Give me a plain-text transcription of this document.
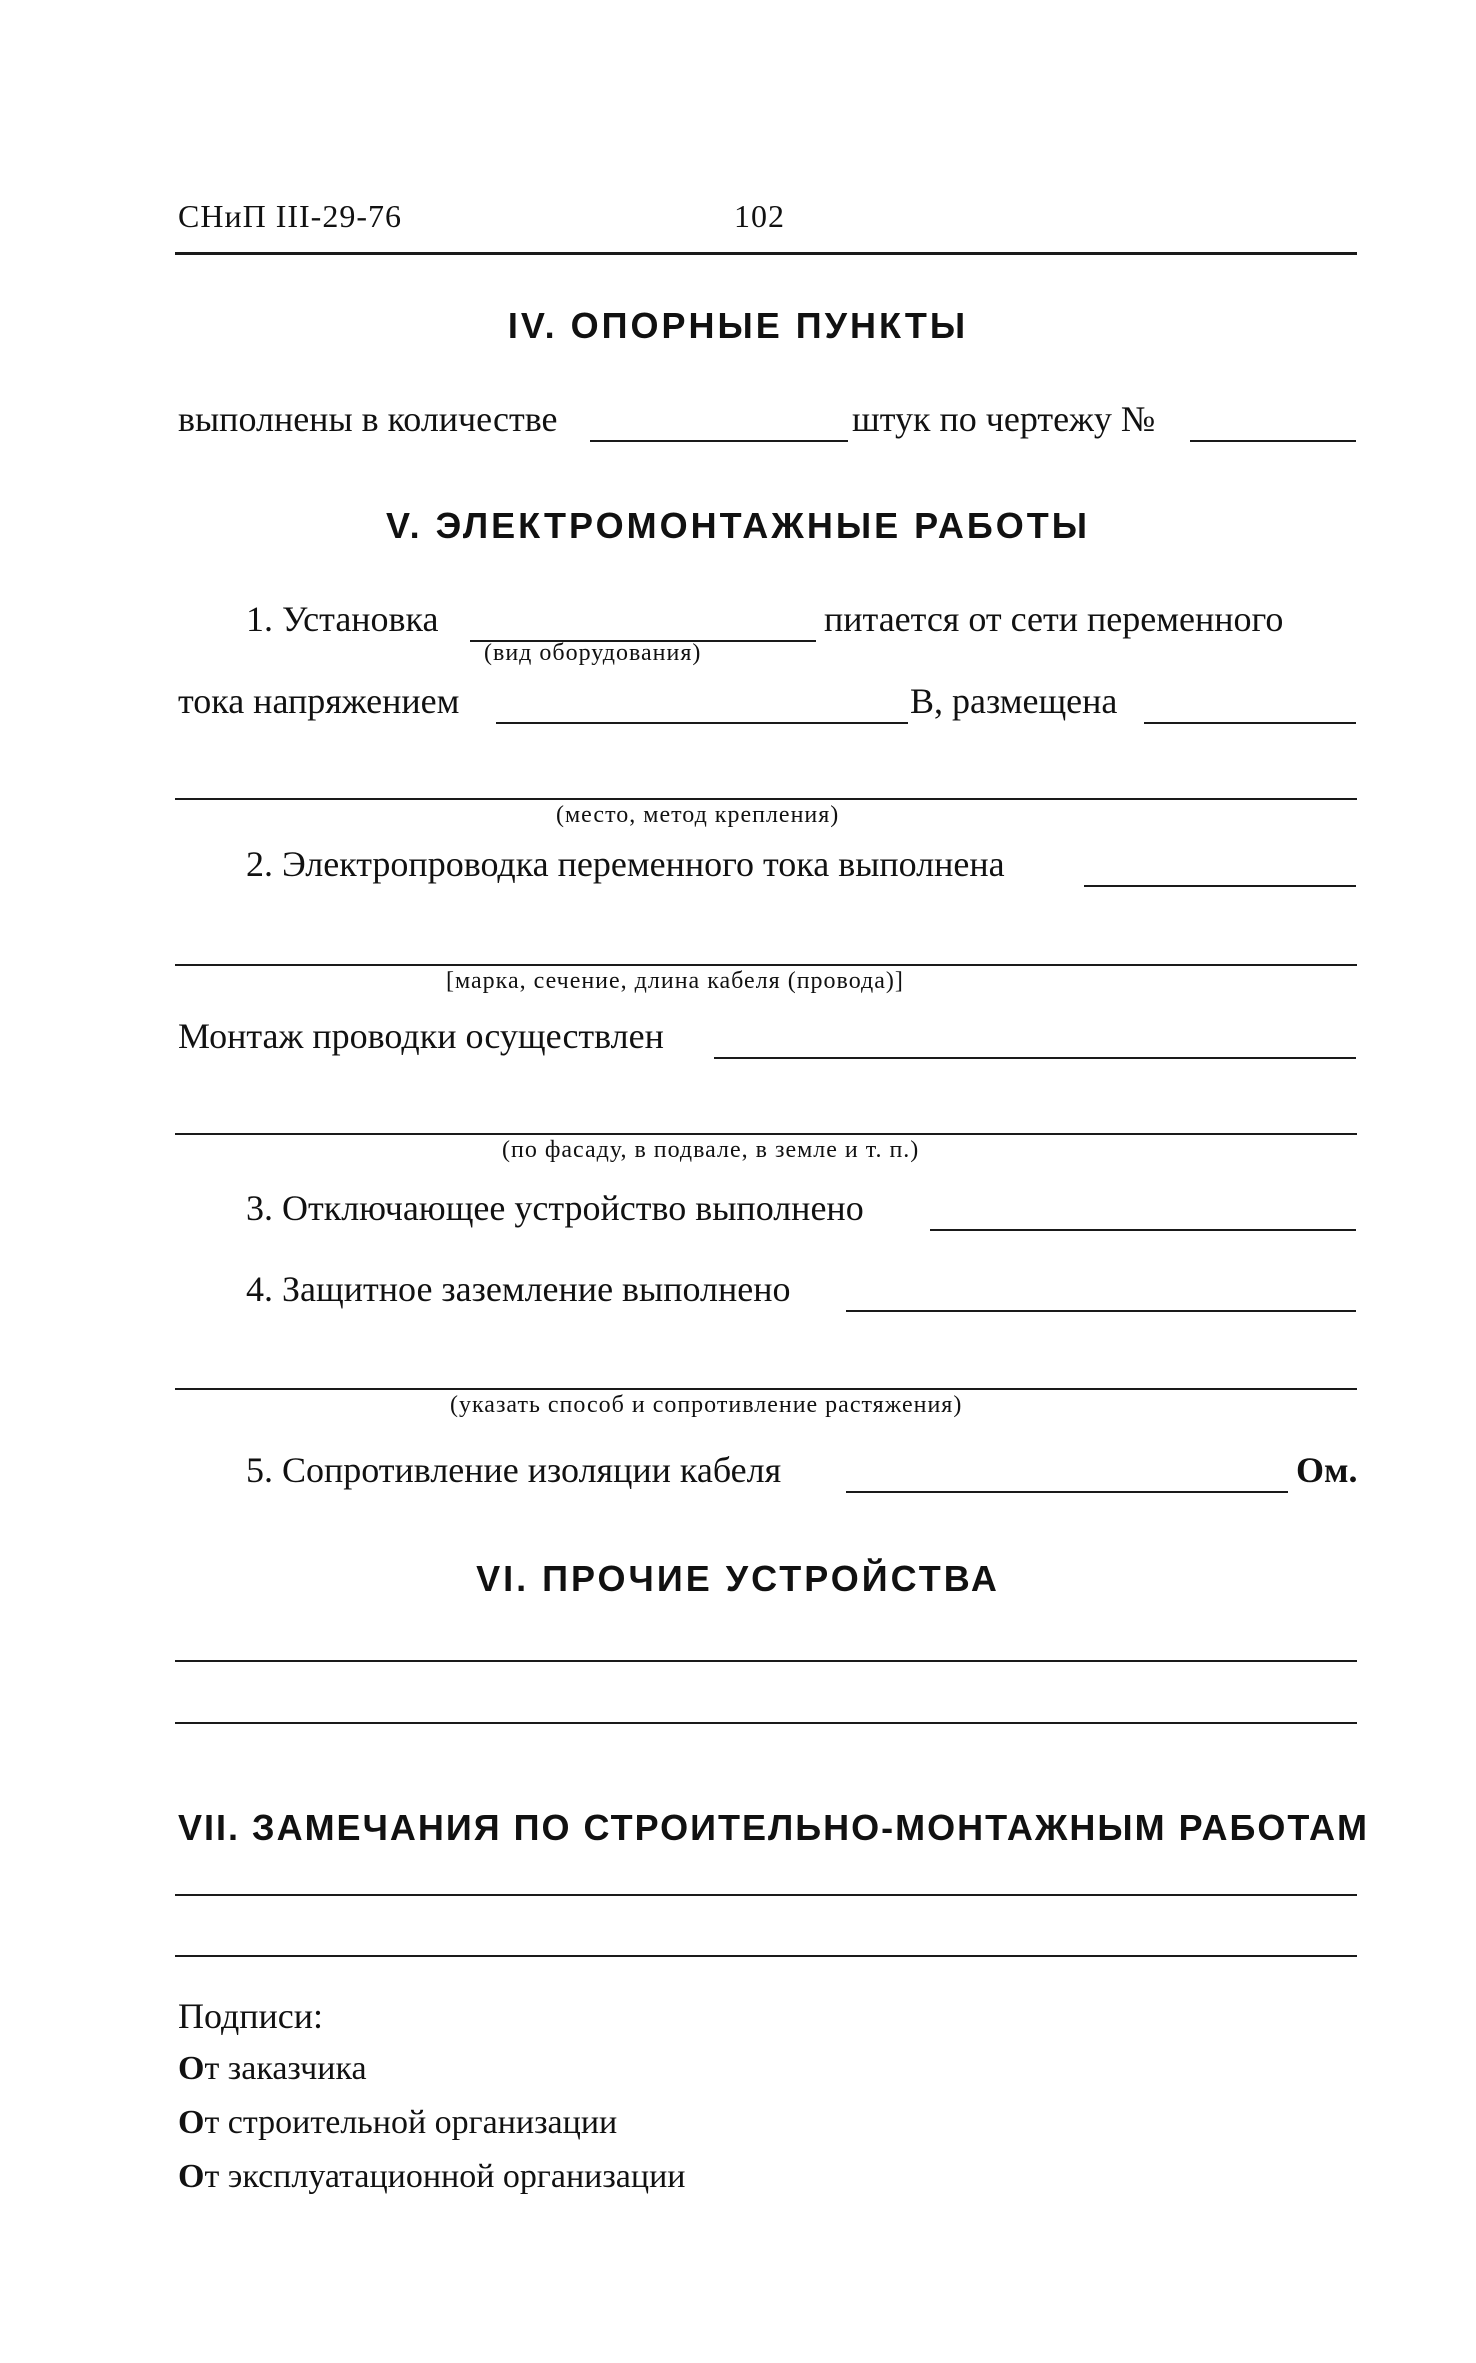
СНиП III-29-76	102
IV. ОПОРНЫЕ ПУНКТЫ
выполнены в количестве	штук по чертежу №
V. ЭЛЕКТРОМОНТАЖНЫЕ РАБОТЫ
1. Установка	питается от сети переменного
(вид оборудования)
тока напряжением	В, размещена
(место, метод крепления)
2. Электропроводка переменного тока выполнена
[марка, сечение, длина кабеля (провода)]
Монтаж проводки осуществлен
(по фасаду, в подвале, в земле и т. п.)
3. Отключающее устройство выполнено
4. Защитное заземление выполнено
(указать способ и сопротивление растяжения)
5. Сопротивление изоляции кабеля	Ом.
VI. ПРОЧИЕ УСТРОЙСТВА
VII. ЗАМЕЧАНИЯ ПО СТРОИТЕЛЬНО-МОНТАЖНЫМ РАБОТАМ
Подписи:
От заказчика
От строительной организации
От эксплуатационной организации
